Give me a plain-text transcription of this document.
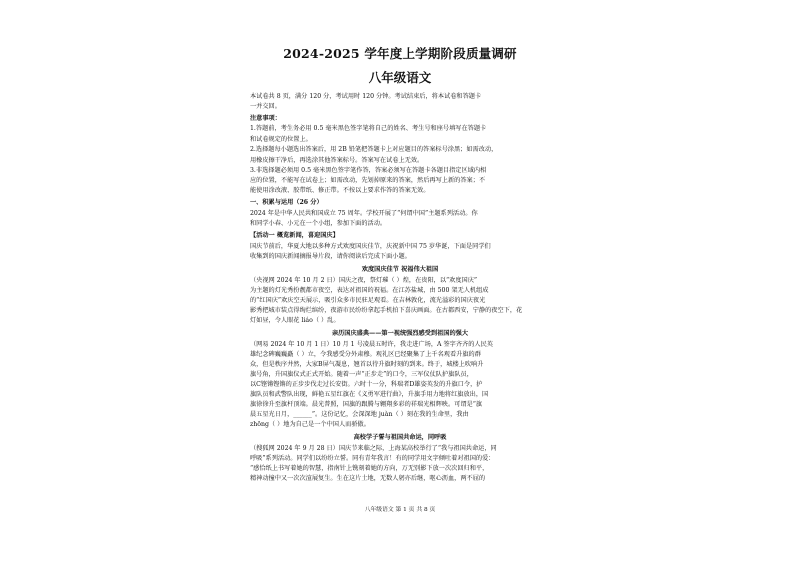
2024-2025 学年度上学期阶段质量调研
八年级语文
本试卷共 8 页，满分 120 分，考试用时 120 分钟。考试结束后，将本试卷和答题卡
一并交回。
注意事项：
1.答题前，考生务必用 0.5 毫米黑色签字笔将自己的姓名、考生号和座号填写在答题卡
和试卷规定的位置上。
2.选择题每小题选出答案后，用 2B 铅笔把答题卡上对应题目的答案标号涂黑；如需改动，
用橡皮擦干净后，再选涂其他答案标号。答案写在试卷上无效。
3.非选择题必须用 0.5 毫米黑色签字笔作答，答案必须写在答题卡各题目指定区域内相
应的位置，不能写在试卷上；如需改动，先划掉原来的答案，然后再写上新的答案；不
能使用涂改液、胶带纸、修正带。不按以上要求作答的答案无效。
一、积累与运用（26 分）
2024 年是中华人民共和国成立 75 周年。学校开展了“何谓中国”主题系列活动。你
和同学小春、小元在一个小组，参加下面的活动。
【活动一 概览新闻，喜迎国庆】
国庆节前后，华夏大地以多种方式欢度国庆佳节，庆祝新中国 75 岁华诞，下面是同学们
收集到的国庆新闻摘报导片段，请你阅读后完成下面小题。
欢度国庆佳节 祝福伟大祖国
（央视网 2024 年 10 月 2 日）国庆之夜，祭灯璀（ ）煌，在贵阳，以“欢度国庆”
为主题的灯光秀扮靓都市夜空，表达对祖国的祝福。在江苏盐城，由 500 架无人机组成
的“红国庆”欢庆空天展示，吸引众多市民驻足观看。在吉林敦化，流光溢彩的国庆夜光
影秀把城市装点得绚烂缤纷，夜游市民纷纷拿起手机拍下喜庆画面。在古都西安，宁静的夜空下，花
灯如昼，令人眼花 liáo（ ）乱。
亲历国庆盛典——第一视统强烈感受到祖国的强大
（网易 2024 年 10 月 1 日）10 月 1 号凌晨五时许，我走进广场，A 签字齐齐的人民英
雄纪念碑巍巍矗（ ）立，令我感受分外肃穆。观礼区已经聚集了上千名观看升旗的群
众，但是秩序井然，大家B屏气凝息，翘首以待升旗时刻的到来。终于，城楼上吹响升
旗号角，升国旗仪式正式开始。随着一声“正步走”的口令，三军仪仗队护旗队员，
以C铿锵铿锵的正步步伐走过长安街。六时十一分，科瑞者D雄姿英发的升旗口令，护
旗队员和武警队出现，鲜艳五星红旗在《义勇军进行曲》，升旗手用力地将红旗放出，国
旗徐徐升至旗杆顶端。晨光普照，国旗的跟腾与翱翔多彩的祥瑞光相辉映。可谓是“旗
晨五星光日月，______”。这份记忆，会深深地 juàn（ ）刻在我的生命里，我由
zhōng（ ）地为自己是一个中国人而骄傲。
高校学子誓与祖国共命运，同呼吸
（搜狐网 2024 年 9 月 28 日）国庆节来临之际，上海某高校举行了“我与祖国共命运，同
呼吸”系列活动。同学们以纷纷立誓。同有青年我言！有的同学用文字倾吐着对祖国的爱：
“感恰纸上书写着她的智慧，指南针上镌刻着她的方向，万无别影下放一次次回归和平，
精神动撞中又一次次渲展复生。生在这片土地，无数人躬亦后继，呕心沥血，两不屈的
八年级语文 第 1 页 共 8 页
